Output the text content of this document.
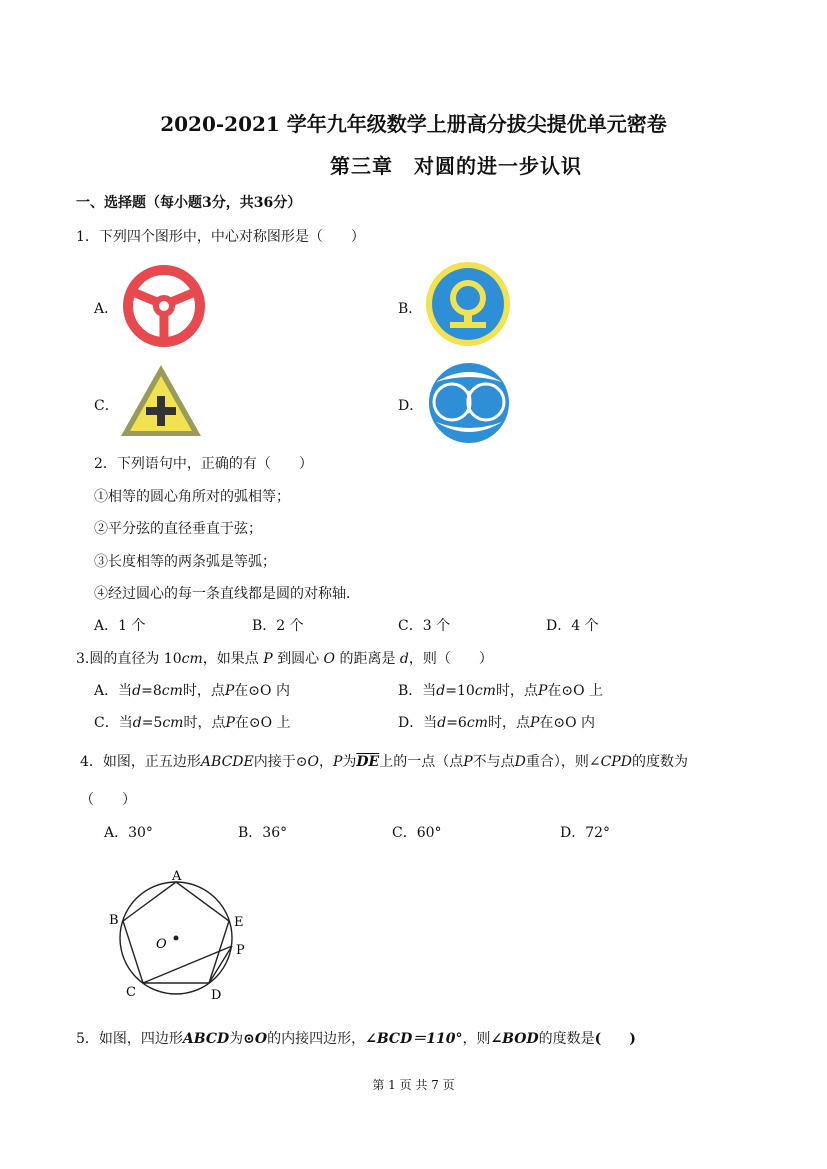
2020-2021 学年九年级数学上册高分拔尖提优单元密卷
第三章　对圆的进一步认识
一、选择题（每小题3分，共36分）
1．下列四个图形中，中心对称图形是（　　）
A．	B．
C．	D．
2．下列语句中，正确的有（　　）
①相等的圆心角所对的弧相等；
②平分弦的直径垂直于弦；
③长度相等的两条弧是等弧；
④经过圆心的每一条直线都是圆的对称轴．
A．1 个	B．2 个	C．3 个	D．4 个
3.圆的直径为 10cm，如果点 P 到圆心 O 的距离是 d，则（　　）
A．当d=8cm时，点P在⊙O 内	B．当d=10cm时，点P在⊙O 上
C．当d=5cm时，点P在⊙O 上	D．当d=6cm时，点P在⊙O 内
4．如图，正五边形ABCDE内接于⊙O，P为$\overline{DE}$上的一点（点P不与点D重合），则∠CPD的度数为
（　　）
A．30°	B．36°	C．60°	D．72°
A
B
C	D
E
P
O
5．如图，四边形ABCD为⊙O的内接四边形，∠BCD＝110°，则∠BOD的度数是(　　)
第 1 页 共 7 页
